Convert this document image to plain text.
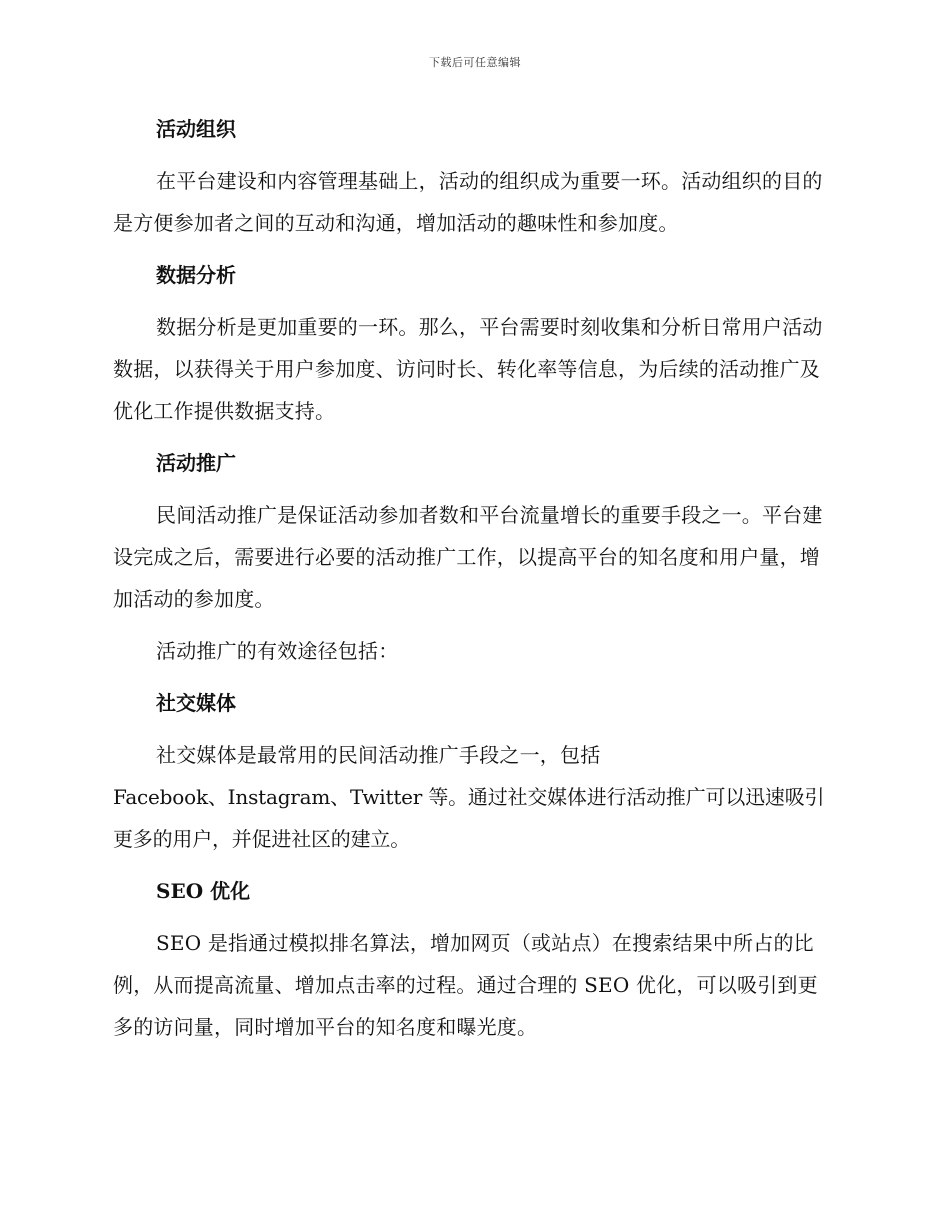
下载后可任意编辑
活动组织

在平台建设和内容管理基础上，活动的组织成为重要一环。活动组织的目的是方便参加者之间的互动和沟通，增加活动的趣味性和参加度。

数据分析

数据分析是更加重要的一环。那么，平台需要时刻收集和分析日常用户活动数据，以获得关于用户参加度、访问时长、转化率等信息，为后续的活动推广及优化工作提供数据支持。

活动推广

民间活动推广是保证活动参加者数和平台流量增长的重要手段之一。平台建设完成之后，需要进行必要的活动推广工作，以提高平台的知名度和用户量，增加活动的参加度。

活动推广的有效途径包括：

社交媒体

社交媒体是最常用的民间活动推广手段之一，包括

Facebook、Instagram、Twitter 等。通过社交媒体进行活动推广可以迅速吸引更多的用户，并促进社区的建立。

SEO 优化

SEO 是指通过模拟排名算法，增加网页（或站点）在搜索结果中所占的比例，从而提高流量、增加点击率的过程。通过合理的 SEO 优化，可以吸引到更多的访问量，同时增加平台的知名度和曝光度。
